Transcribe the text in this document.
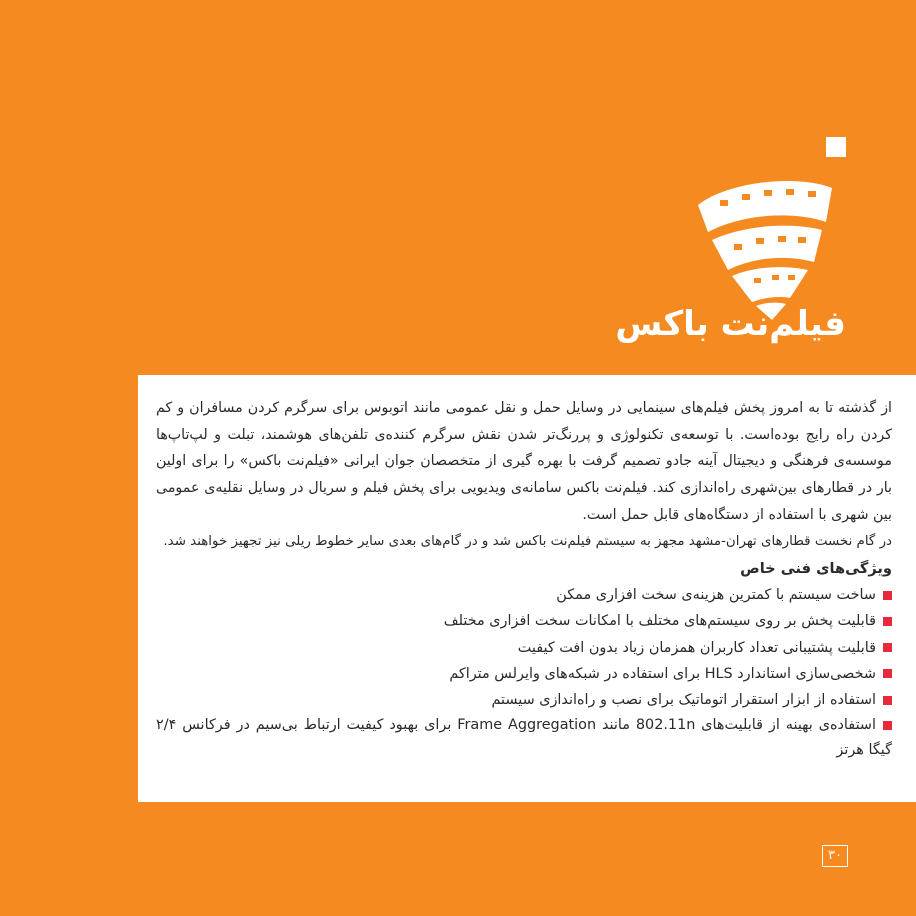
فیلم‌نت باکس

از گذشته تا به امروز پخش فیلم‌های سینمایی در وسایل حمل و نقل عمومی مانند اتوبوس برای سرگرم کردن مسافران و کم کردن راه رایج بوده‌است. با توسعه‌ی تکنولوژی و پررنگ‌تر شدن نقش سرگرم کننده‌ی تلفن‌های هوشمند، تبلت و لپ‌تاپ‌ها موسسه‌ی فرهنگی و دیجیتال آینه جادو تصمیم گرفت با بهره گیری از متخصصان جوان ایرانی «فیلم‌نت باکس» را برای اولین بار در قطارهای بین‌شهری راه‌اندازی کند. فیلم‌نت باکس سامانه‌ی ویدیویی برای پخش فیلم و سریال در وسایل نقلیه‌ی عمومی بین شهری با استفاده از دستگاه‌های قابل حمل است.

در گام نخست قطارهای تهران-مشهد مجهز به سیستم فیلم‌نت باکس شد و در گام‌های بعدی سایر خطوط ریلی نیز تجهیز خواهند شد.

ویژگی‌های فنی خاص
ساخت سیستم با کمترین هزینه‌ی سخت افزاری ممکن
قابلیت پخش بر روی سیستم‌های مختلف با امکانات سخت افزاری مختلف
قابلیت پشتیبانی تعداد کاربران همزمان زیاد بدون افت کیفیت
شخصی‌سازی استاندارد HLS برای استفاده در شبکه‌های وایرلس متراکم
استفاده از ابزار استقرار اتوماتیک برای نصب و راه‌اندازی سیستم
استفاده‌ی بهینه از قابلیت‌های 802.11n مانند Frame Aggregation برای بهبود کیفیت ارتباط بی‌سیم در فرکانس ۲/۴ گیگا هرتز
۳۰
